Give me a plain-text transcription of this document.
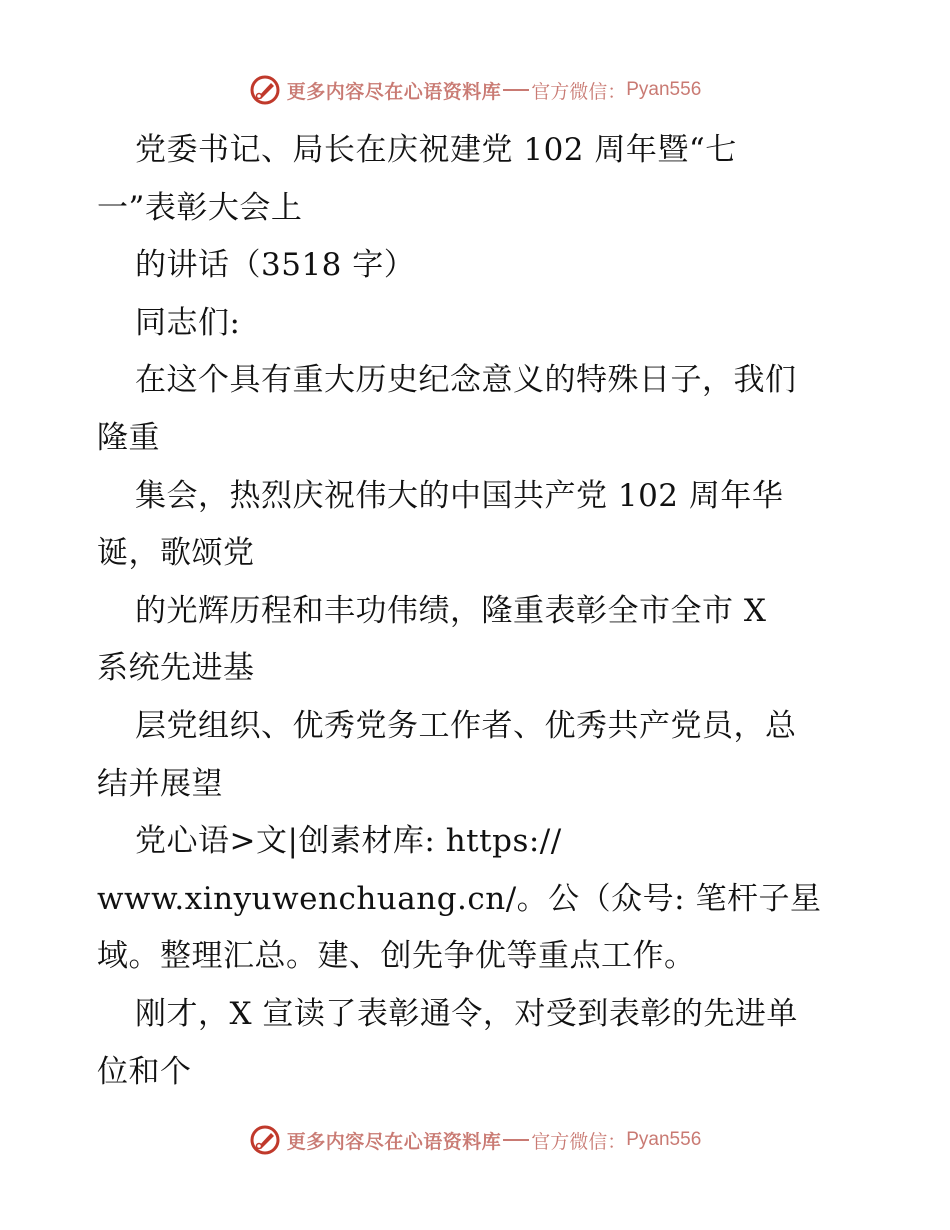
更多内容尽在心语资料库 官方微信： Pyan556
党委书记、局长在庆祝建党 102 周年暨“七
一”表彰大会上
的讲话（3518 字）
同志们:
在这个具有重大历史纪念意义的特殊日子，我们
隆重
集会，热烈庆祝伟大的中国共产党 102 周年华
诞，歌颂党
的光辉历程和丰功伟绩，隆重表彰全市全市 X
系统先进基
层党组织、优秀党务工作者、优秀共产党员，总
结并展望
党心语>文|创素材库: https://
www.xinyuwenchuang.cn/。公（众号: 笔杆子星
域。整理汇总。建、创先争优等重点工作。
刚才，X 宣读了表彰通令，对受到表彰的先进单
位和个
更多内容尽在心语资料库 官方微信： Pyan556
